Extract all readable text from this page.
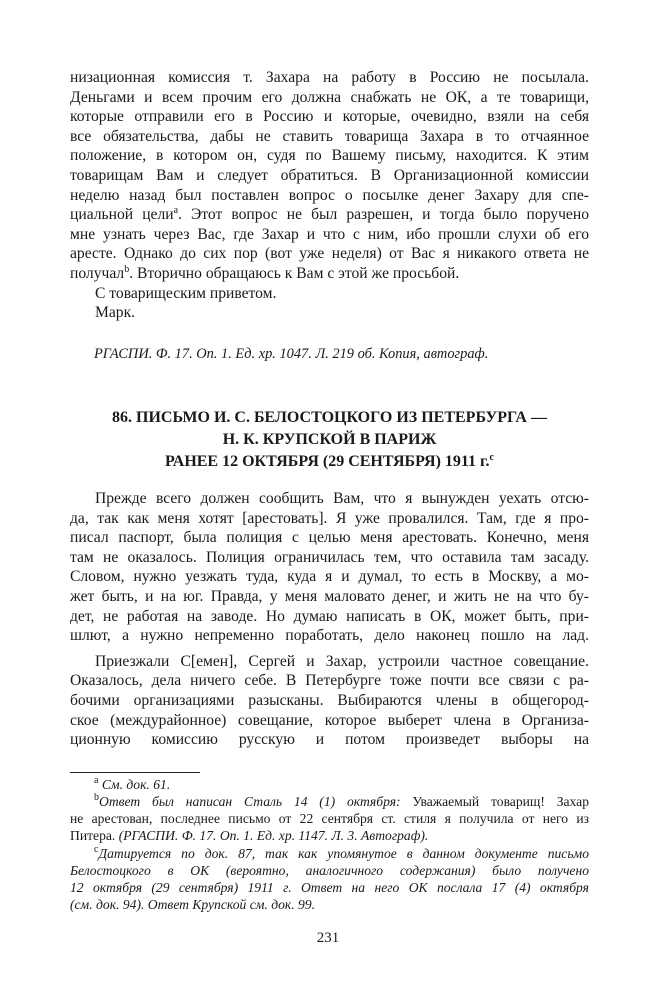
низационная комиссия т. Захара на работу в Россию не посылала.

Деньгами и всем прочим его должна снабжать не ОК, а те товарищи,

которые отправили его в Россию и которые, очевидно, взяли на себя

все обязательства, дабы не ставить товарища Захара в то отчаянное

положение, в котором он, судя по Вашему письму, находится. К этим

товарищам Вам и следует обратиться. В Организационной комиссии

неделю назад был поставлен вопрос о посылке денег Захару для спе-

циальной цели$^a$. Этот вопрос не был разрешен, и тогда было поручено

мне узнать через Вас, где Захар и что с ним, ибо прошли слухи об его

аресте. Однако до сих пор (вот уже неделя) от Вас я никакого ответа не

получал$^b$. Вторично обращаюсь к Вам с этой же просьбой.

С товарищеским приветом.

Марк.

РГАСПИ. Ф. 17. Оп. 1. Ед. хр. 1047. Л. 219 об. Копия, автограф.
86. ПИСЬМО И. С. БЕЛОСТОЦКОГО ИЗ ПЕТЕРБУРГА —
Н. К. КРУПСКОЙ В ПАРИЖ
РАНЕЕ 12 ОКТЯБРЯ (29 СЕНТЯБРЯ) 1911 г.$^c$

Прежде всего должен сообщить Вам, что я вынужден уехать отсю-

да, так как меня хотят [арестовать]. Я уже провалился. Там, где я про-

писал паспорт, была полиция с целью меня арестовать. Конечно, меня

там не оказалось. Полиция ограничилась тем, что оставила там засаду.

Словом, нужно уезжать туда, куда я и думал, то есть в Москву, а мо-

жет быть, и на юг. Правда, у меня маловато денег, и жить не на что бу-

дет, не работая на заводе. Но думаю написать в ОК, может быть, при-

шлют, а нужно непременно поработать, дело наконец пошло на лад.

Приезжали С[емен], Сергей и Захар, устроили частное совещание.

Оказалось, дела ничего себе. В Петербурге тоже почти все связи с ра-

бочими организациями разысканы. Выбираются члены в общегород-

ское (междурайонное) совещание, которое выберет члена в Организа-

ционную комиссию русскую и потом произведет выборы на

$^a$ См. док. 61.

$^b$Ответ был написан Сталь 14 (1) октября: Уважаемый товарищ! Захар

не арестован, последнее письмо от 22 сентября ст. стиля я получила от него из

Питера. (РГАСПИ. Ф. 17. Оп. 1. Ед. хр. 1147. Л. 3. Автограф).

$^c$Датируется по док. 87, так как упомянутое в данном документе письмо

Белостоцкого в ОК (вероятно, аналогичного содержания) было получено

12 октября (29 сентября) 1911 г. Ответ на него ОК послала 17 (4) октября

(см. док. 94). Ответ Крупской см. док. 99.

231
